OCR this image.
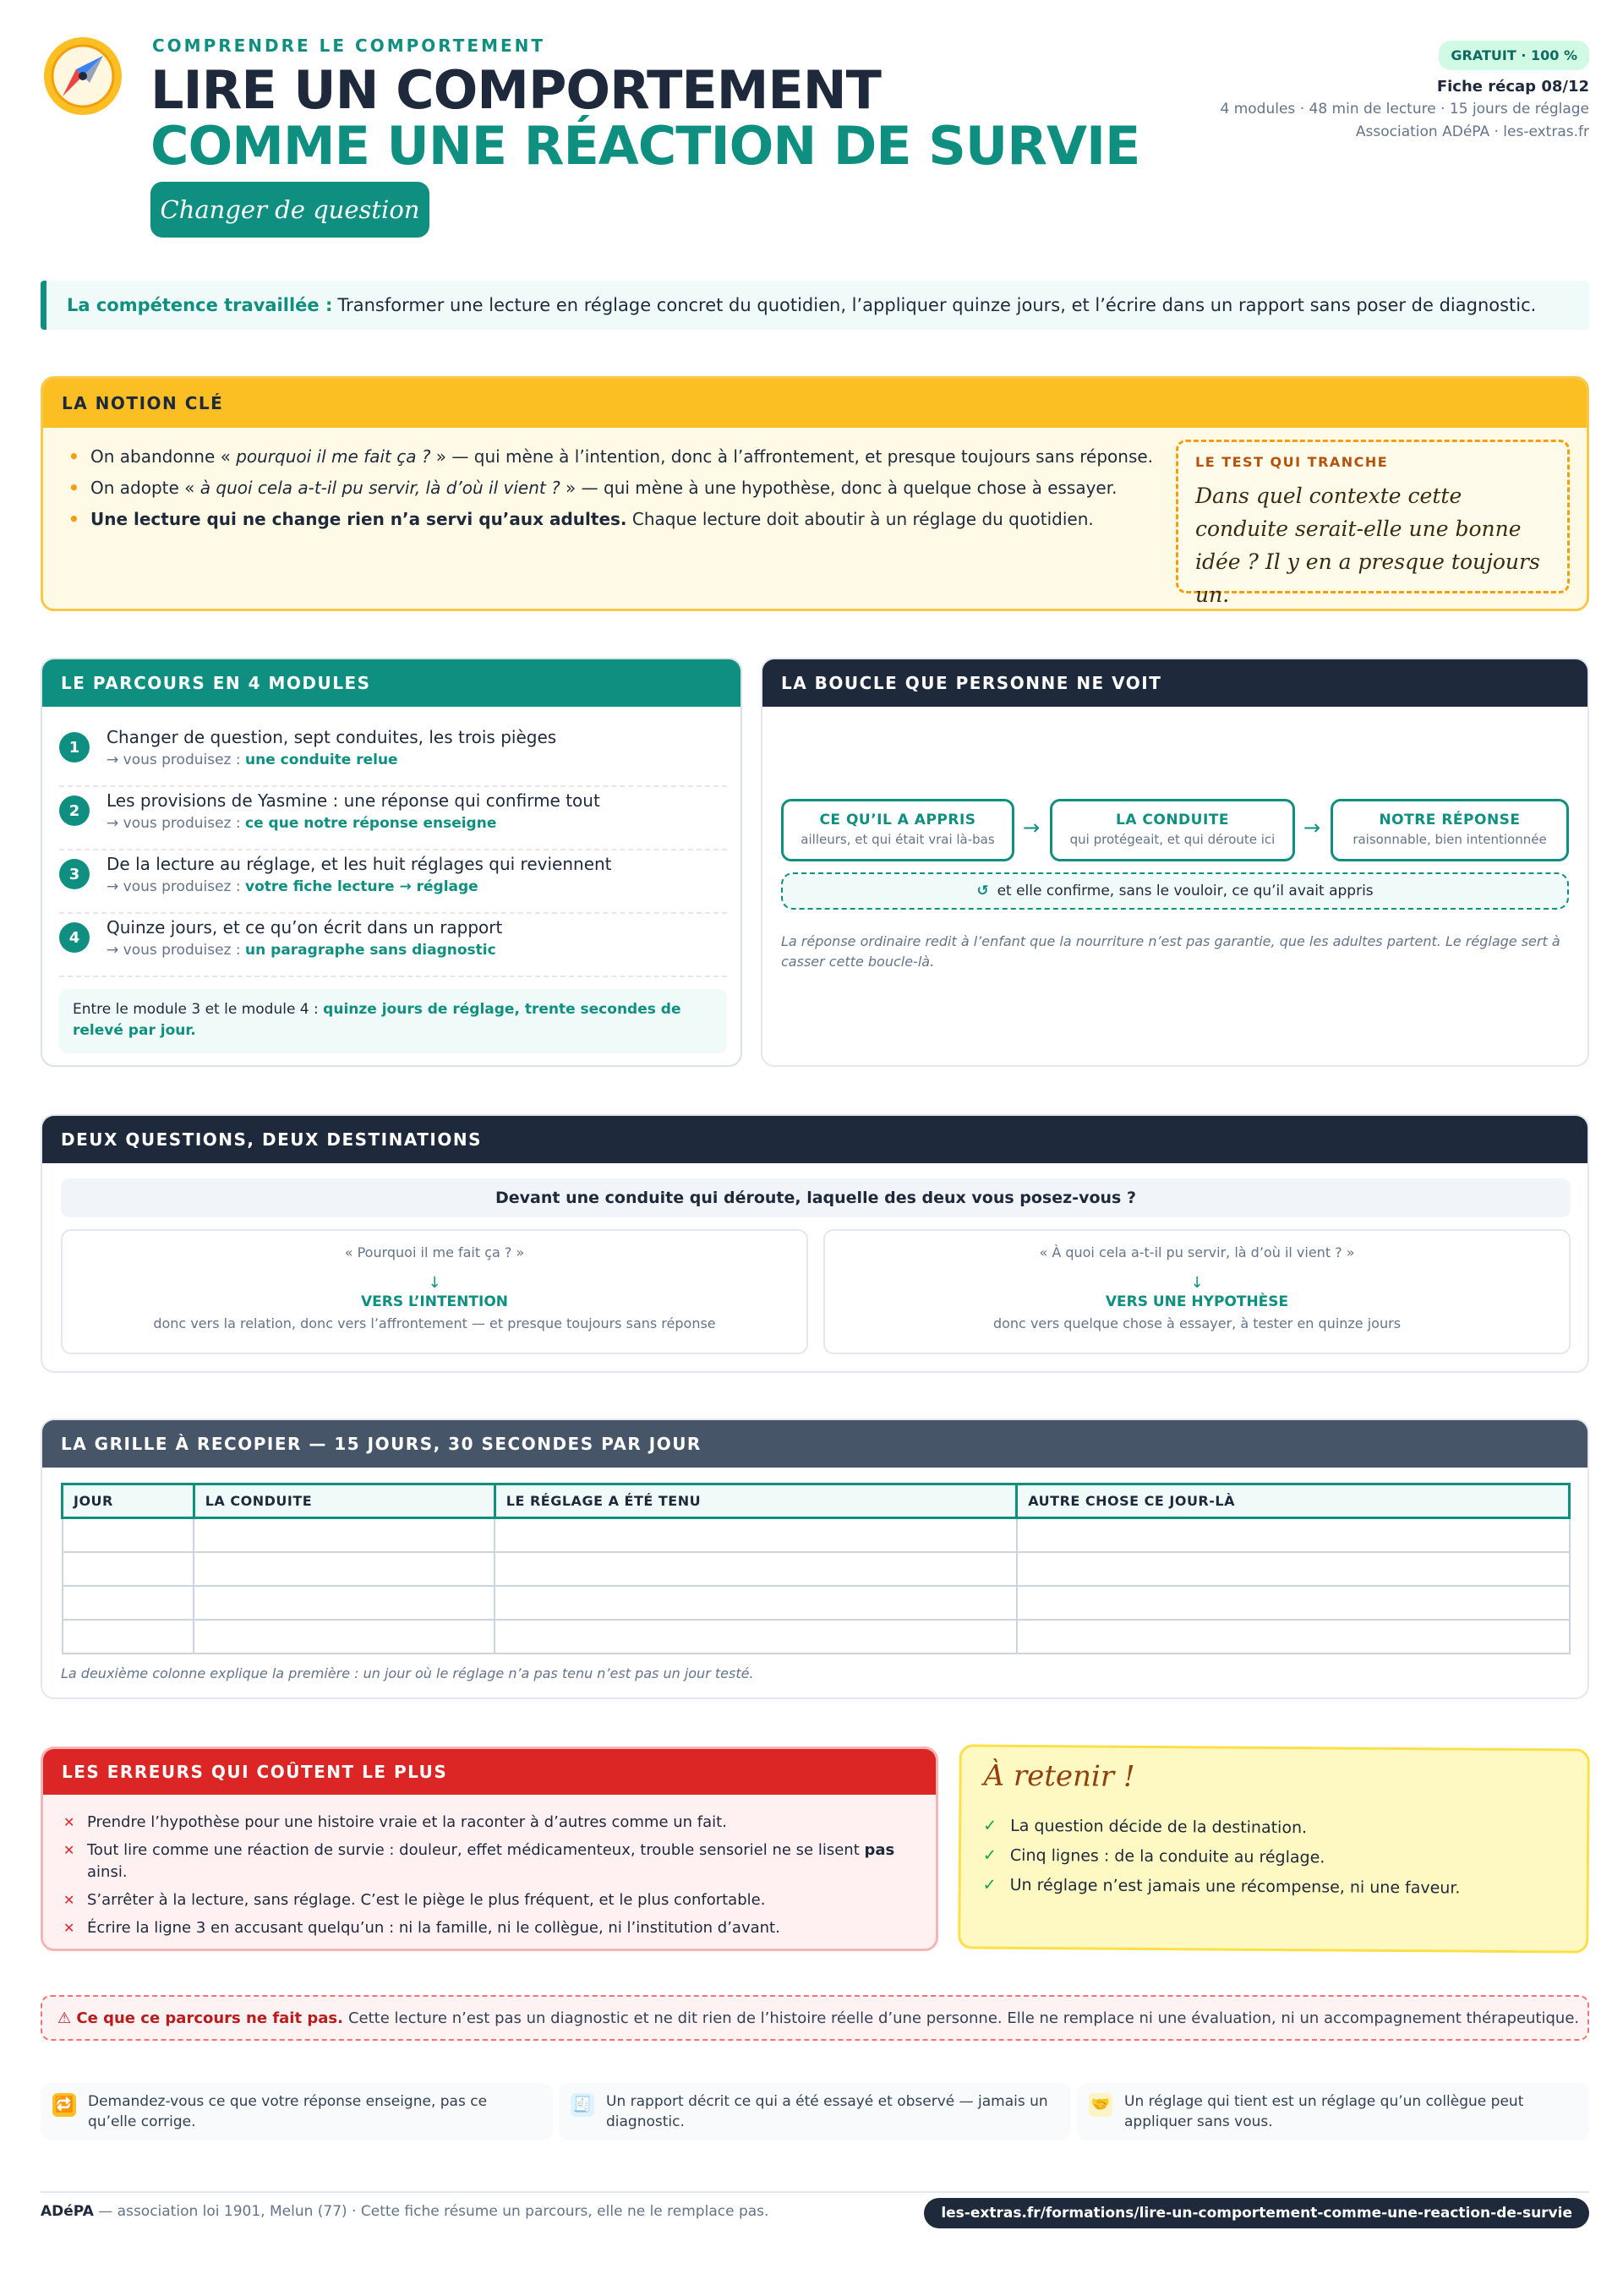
COMPRENDRE LE COMPORTEMENT
LIRE UN COMPORTEMENT
COMME UNE RÉACTION DE SURVIE
Changer de question
GRATUIT · 100 %
Fiche récap 08/12
4 modules · 48 min de lecture · 15 jours de réglage
Association ADéPA · les-extras.fr
La compétence travaillée : Transformer une lecture en réglage concret du quotidien, l’appliquer quinze jours, et l’écrire dans un rapport sans poser de diagnostic.
LA NOTION CLÉ
• On abandonne « pourquoi il me fait ça ? » — qui mène à l’intention, donc à l’affrontement, et presque toujours sans réponse.
• On adopte « à quoi cela a-t-il pu servir, là d’où il vient ? » — qui mène à une hypothèse, donc à quelque chose à essayer.
• Une lecture qui ne change rien n’a servi qu’aux adultes. Chaque lecture doit aboutir à un réglage du quotidien.
LE TEST QUI TRANCHE
Dans quel contexte cette conduite serait-elle une bonne idée ? Il y en a presque toujours un.
LE PARCOURS EN 4 MODULES
1	Changer de question, sept conduites, les trois pièges
→ vous produisez : une conduite relue
2	Les provisions de Yasmine : une réponse qui confirme tout
→ vous produisez : ce que notre réponse enseigne
3	De la lecture au réglage, et les huit réglages qui reviennent
→ vous produisez : votre fiche lecture → réglage
4	Quinze jours, et ce qu’on écrit dans un rapport
→ vous produisez : un paragraphe sans diagnostic
Entre le module 3 et le module 4 : quinze jours de réglage, trente secondes de relevé par jour.
LA BOUCLE QUE PERSONNE NE VOIT
CE QU’IL A APPRIS
ailleurs, et qui était vrai là-bas	→	LA CONDUITE
qui protégeait, et qui déroute ici	→	NOTRE RÉPONSE
raisonnable, bien intentionnée
↺ et elle confirme, sans le vouloir, ce qu’il avait appris
La réponse ordinaire redit à l’enfant que la nourriture n’est pas garantie, que les adultes partent. Le réglage sert à casser cette boucle-là.
DEUX QUESTIONS, DEUX DESTINATIONS
Devant une conduite qui déroute, laquelle des deux vous posez-vous ?
« Pourquoi il me fait ça ? »
↓
VERS L’INTENTION
donc vers la relation, donc vers l’affrontement — et presque toujours sans réponse
« À quoi cela a-t-il pu servir, là d’où il vient ? »
↓
VERS UNE HYPOTHÈSE
donc vers quelque chose à essayer, à tester en quinze jours
LA GRILLE À RECOPIER — 15 JOURS, 30 SECONDES PAR JOUR
JOUR	LA CONDUITE	LE RÉGLAGE A ÉTÉ TENU	AUTRE CHOSE CE JOUR-LÀ

La deuxième colonne explique la première : un jour où le réglage n’a pas tenu n’est pas un jour testé.
LES ERREURS QUI COÛTENT LE PLUS
✕ Prendre l’hypothèse pour une histoire vraie et la raconter à d’autres comme un fait.
✕ Tout lire comme une réaction de survie : douleur, effet médicamenteux, trouble sensoriel ne se lisent pas ainsi.
✕ S’arrêter à la lecture, sans réglage. C’est le piège le plus fréquent, et le plus confortable.
✕ Écrire la ligne 3 en accusant quelqu’un : ni la famille, ni le collègue, ni l’institution d’avant.
À retenir !
✓ La question décide de la destination.
✓ Cinq lignes : de la conduite au réglage.
✓ Un réglage n’est jamais une récompense, ni une faveur.
⚠ Ce que ce parcours ne fait pas. Cette lecture n’est pas un diagnostic et ne dit rien de l’histoire réelle d’une personne. Elle ne remplace ni une évaluation, ni un accompagnement thérapeutique.
🔁 Demandez-vous ce que votre réponse enseigne, pas ce qu’elle corrige.
🧾 Un rapport décrit ce qui a été essayé et observé — jamais un diagnostic.
🤝 Un réglage qui tient est un réglage qu’un collègue peut appliquer sans vous.
ADéPA — association loi 1901, Melun (77) · Cette fiche résume un parcours, elle ne le remplace pas.	les-extras.fr/formations/lire-un-comportement-comme-une-reaction-de-survie
